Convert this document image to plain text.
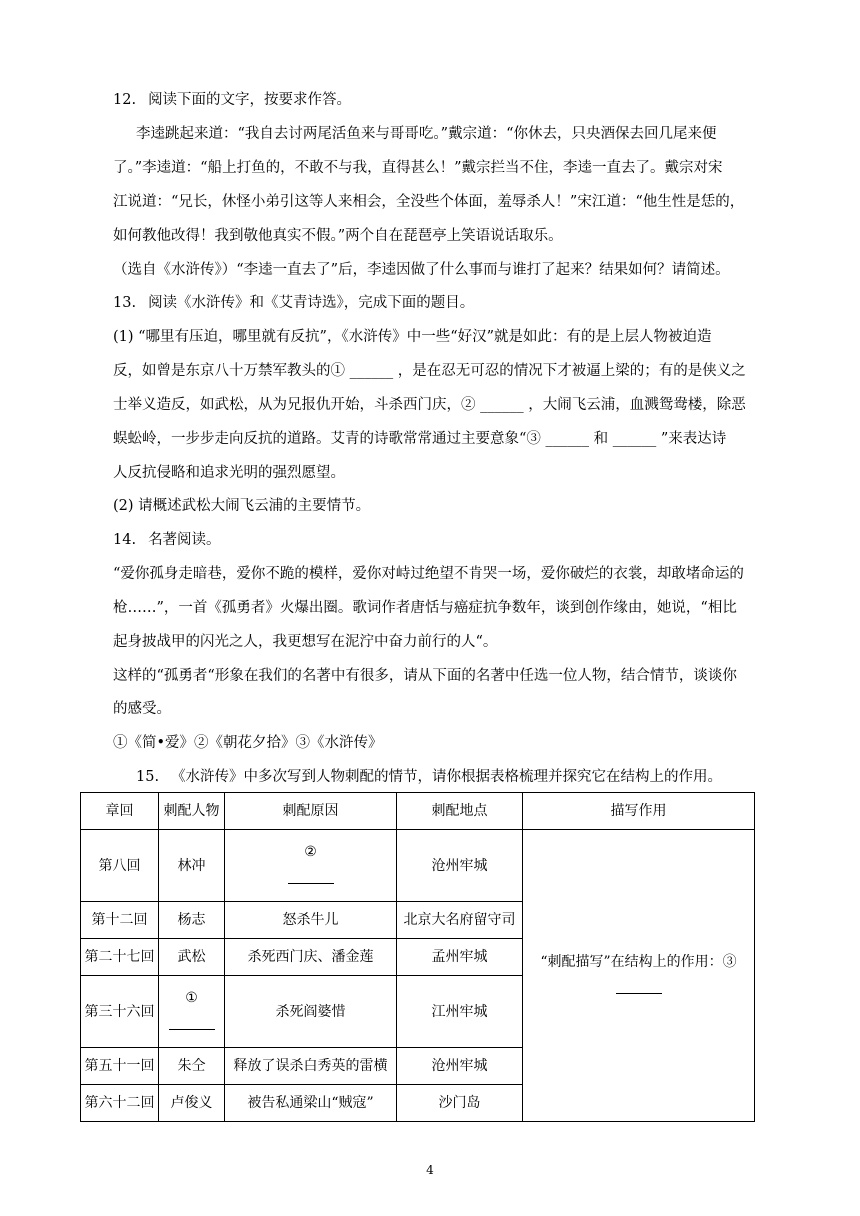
12. 阅读下面的文字，按要求作答。
李逵跳起来道：“我自去讨两尾活鱼来与哥哥吃。”戴宗道：“你休去，只央酒保去回几尾来便
了。”李逵道：“船上打鱼的，不敢不与我，直得甚么！”戴宗拦当不住，李逵一直去了。戴宗对宋
江说道：“兄长，休怪小弟引这等人来相会，全没些个体面，羞辱杀人！”宋江道：“他生性是恁的，
如何教他改得！我到敬他真实不假。”两个自在琵琶亭上笑语说话取乐。
（选自《水浒传》）“李逵一直去了”后，李逵因做了什么事而与谁打了起来？结果如何？请简述。
13. 阅读《水浒传》和《艾青诗选》，完成下面的题目。
(1) “哪里有压迫，哪里就有反抗”，《水浒传》中一些“好汉”就是如此：有的是上层人物被迫造
反，如曾是东京八十万禁军教头的① ______ ，是在忍无可忍的情况下才被逼上梁的；有的是侠义之
士举义造反，如武松，从为兄报仇开始，斗杀西门庆，② ______ ，大闹飞云浦，血溅鸳鸯楼，除恶
蜈蚣岭，一步步走向反抗的道路。艾青的诗歌常常通过主要意象“③ ______ 和 ______ ”来表达诗
人反抗侵略和追求光明的强烈愿望。
(2) 请概述武松大闹飞云浦的主要情节。
14. 名著阅读。
“爱你孤身走暗巷，爱你不跪的模样，爱你对峙过绝望不肯哭一场，爱你破烂的衣裳，却敢堵命运的
枪……”，一首《孤勇者》火爆出圈。歌词作者唐恬与癌症抗争数年，谈到创作缘由，她说，“相比
起身披战甲的闪光之人，我更想写在泥泞中奋力前行的人“。
这样的“孤勇者“形象在我们的名著中有很多，请从下面的名著中任选一位人物，结合情节，谈谈你
的感受。
①《简•爱》②《朝花夕拾》③《水浒传》
15. 《水浒传》中多次写到人物刺配的情节，请你根据表格梳理并探究它在结构上的作用。
章回	刺配人物	刺配原因	刺配地点	描写作用
第八回	林冲	②	沧州牢城	“刺配描写”在结构上的作用：③

第十二回	杨志	怒杀牛儿	北京大名府留守司	
第二十七回	武松	杀死西门庆、潘金莲	孟州牢城	
第三十六回	①	杀死阎婆惜	江州牢城	
第五十一回	朱仝	释放了误杀白秀英的雷横	沧州牢城	
第六十二回	卢俊义	被告私通梁山“贼寇”	沙门岛	
4
